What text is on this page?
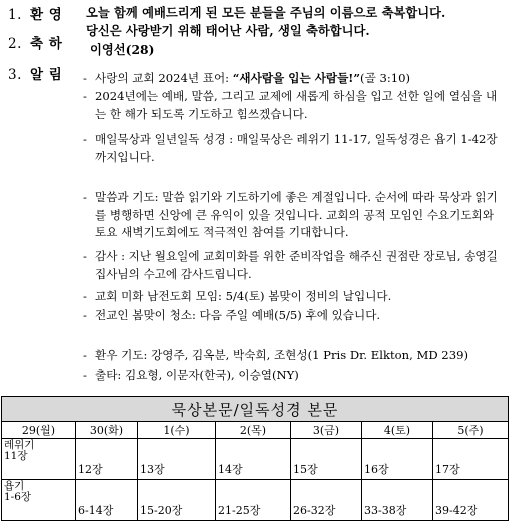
1. 환 영
2. 축 하
3. 알 림
오늘 함께 예배드리게 된 모든 분들을 주님의 이름으로 축복합니다.
당신은 사랑받기 위해 태어난 사람, 생일 축하합니다.
이영선(28)
- 사랑의 교회 2024년 표어: “새사람을 입는 사람들!”(골 3:10)
- 2024년에는 예배, 말씀, 그리고 교제에 새롭게 하심을 입고 선한 일에 열심을 내는 한 해가 되도록 기도하고 힘쓰겠습니다.
- 매일묵상과 일년일독 성경 : 매일묵상은 레위기 11-17, 일독성경은 욥기 1-42장 까지입니다.
- 말씀과 기도: 말씀 읽기와 기도하기에 좋은 계절입니다. 순서에 따라 묵상과 읽기를 병행하면 신앙에 큰 유익이 있을 것입니다. 교회의 공적 모임인 수요기도회와 토요 새벽기도회에도 적극적인 참여를 기대합니다.
- 감사 : 지난 월요일에 교회미화를 위한 준비작업을 해주신 권점란 장로님, 송영길 집사님의 수고에 감사드립니다.
- 교회 미화 남전도회 모임: 5/4(토) 봄맞이 정비의 날입니다.
- 전교인 봄맞이 청소: 다음 주일 예배(5/5) 후에 있습니다.
- 환우 기도: 강영주, 김옥분, 박숙희, 조현성(1 Pris Dr. Elkton, MD 239)
- 출타: 김요형, 이문자(한국), 이승열(NY)
묵상본문/일독성경 본문						
29(월)	30(화)	1(수)	2(목)	3(금)	4(토)	5(주)
레위기
11장	12장	13장	14장	15장	16장	17장
욥기
1-6장	6-14장	15-20장	21-25장	26-32장	33-38장	39-42장
